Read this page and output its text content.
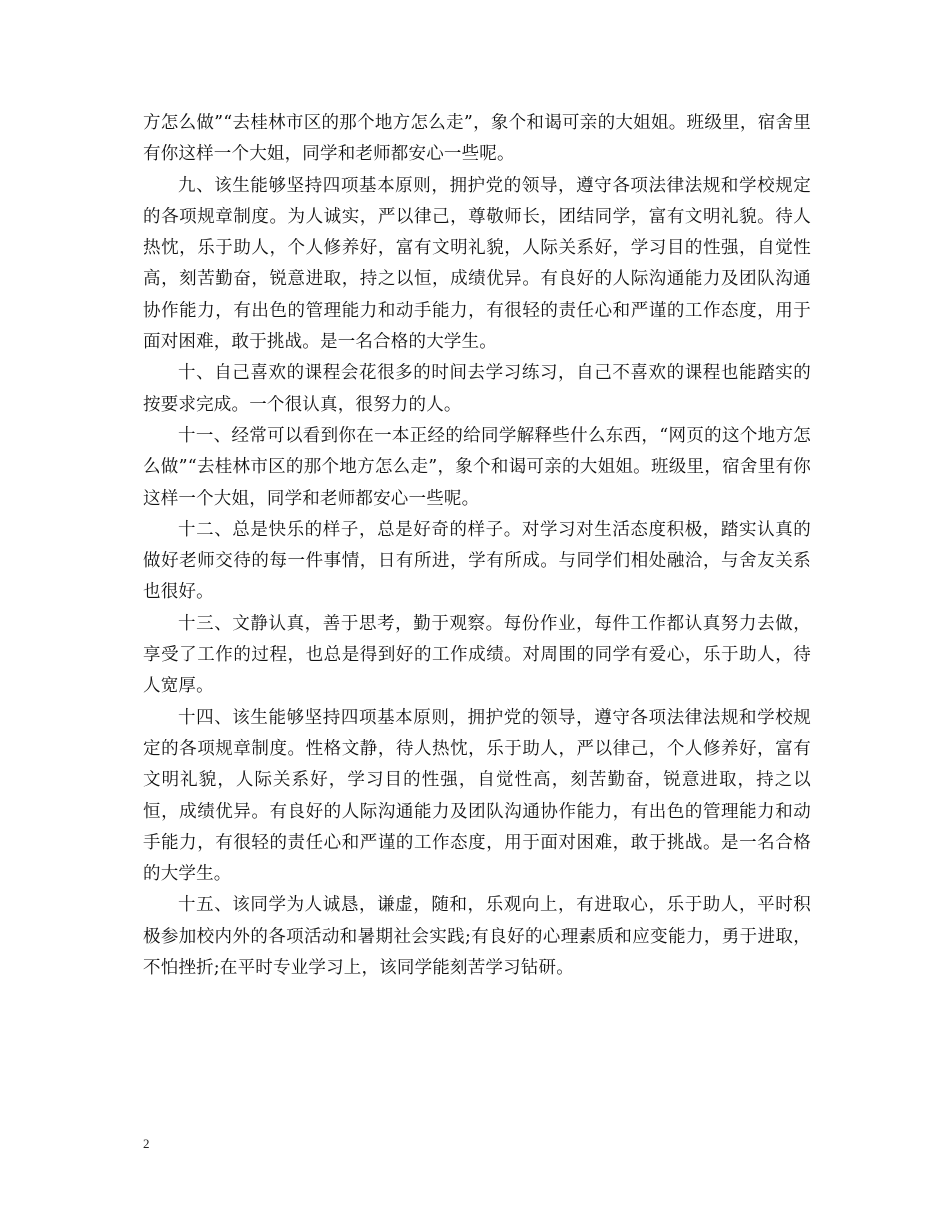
方怎么做”“去桂林市区的那个地方怎么走”，象个和谒可亲的大姐姐。班级里，宿舍里有你这样一个大姐，同学和老师都安心一些呢。

九、该生能够坚持四项基本原则，拥护党的领导，遵守各项法律法规和学校规定的各项规章制度。为人诚实，严以律己，尊敬师长，团结同学，富有文明礼貌。待人热忱，乐于助人，个人修养好，富有文明礼貌，人际关系好，学习目的性强，自觉性高，刻苦勤奋，锐意进取，持之以恒，成绩优异。有良好的人际沟通能力及团队沟通协作能力，有出色的管理能力和动手能力，有很轻的责任心和严谨的工作态度，用于面对困难，敢于挑战。是一名合格的大学生。

十、自己喜欢的课程会花很多的时间去学习练习，自己不喜欢的课程也能踏实的按要求完成。一个很认真，很努力的人。

十一、经常可以看到你在一本正经的给同学解释些什么东西，“网页的这个地方怎么做”“去桂林市区的那个地方怎么走”，象个和谒可亲的大姐姐。班级里，宿舍里有你这样一个大姐，同学和老师都安心一些呢。

十二、总是快乐的样子，总是好奇的样子。对学习对生活态度积极，踏实认真的做好老师交待的每一件事情，日有所进，学有所成。与同学们相处融洽，与舍友关系也很好。

十三、文静认真，善于思考，勤于观察。每份作业，每件工作都认真努力去做，享受了工作的过程，也总是得到好的工作成绩。对周围的同学有爱心，乐于助人，待人宽厚。

十四、该生能够坚持四项基本原则，拥护党的领导，遵守各项法律法规和学校规定的各项规章制度。性格文静，待人热忱，乐于助人，严以律己，个人修养好，富有文明礼貌，人际关系好，学习目的性强，自觉性高，刻苦勤奋，锐意进取，持之以恒，成绩优异。有良好的人际沟通能力及团队沟通协作能力，有出色的管理能力和动手能力，有很轻的责任心和严谨的工作态度，用于面对困难，敢于挑战。是一名合格的大学生。

十五、该同学为人诚恳，谦虚，随和，乐观向上，有进取心，乐于助人，平时积极参加校内外的各项活动和暑期社会实践;有良好的心理素质和应变能力，勇于进取，不怕挫折;在平时专业学习上，该同学能刻苦学习钻研。

2
